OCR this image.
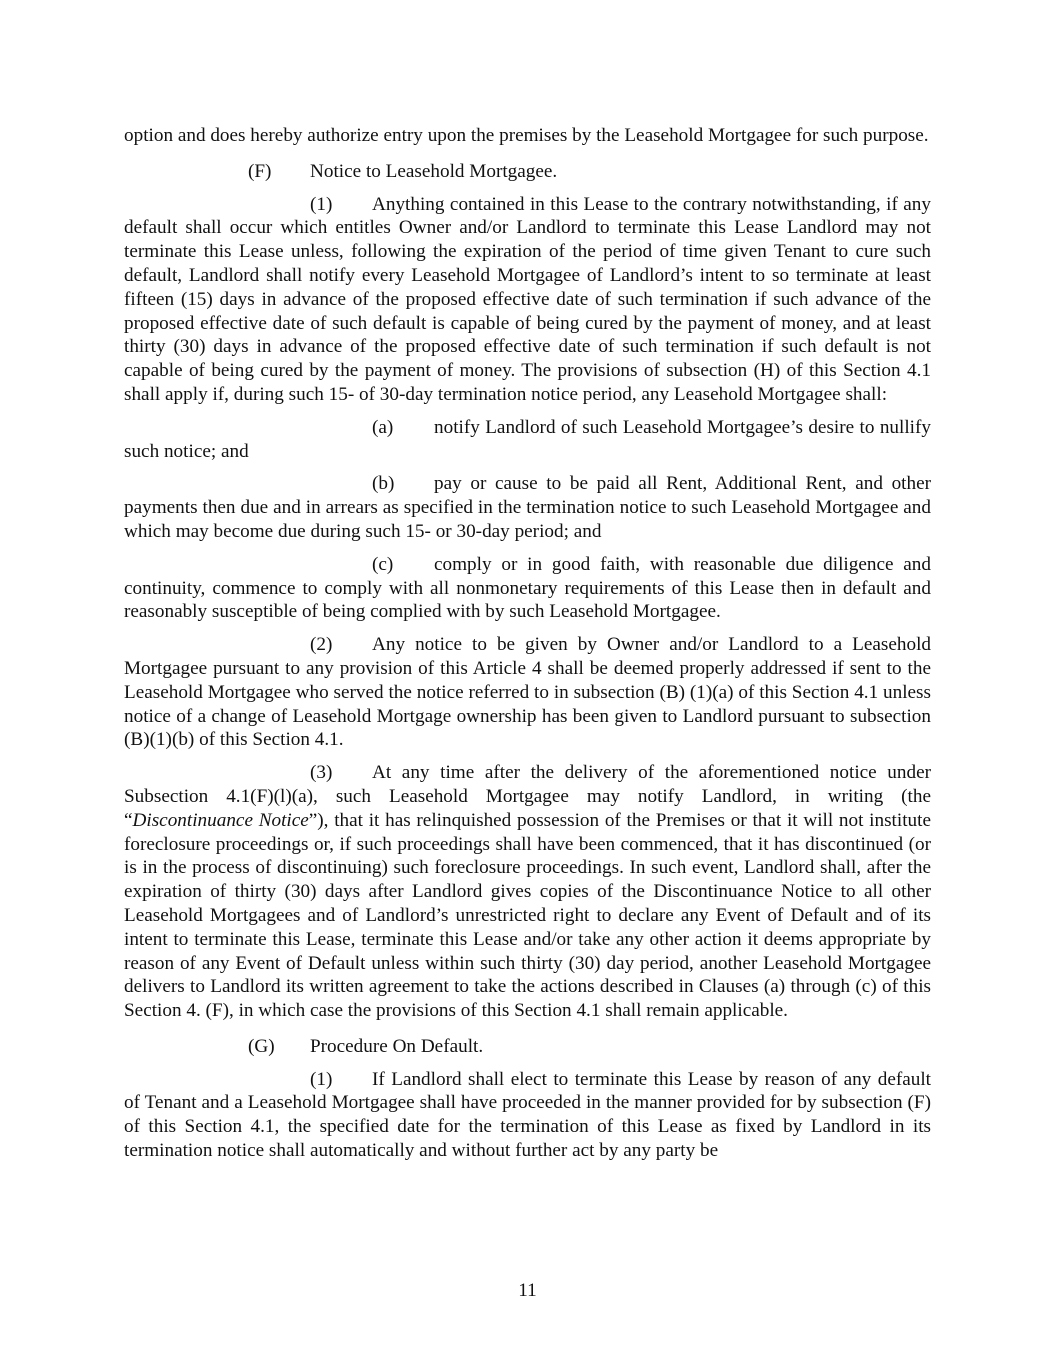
option and does hereby authorize entry upon the premises by the Leasehold Mortgagee for such purpose.

(F) Notice to Leasehold Mortgagee.

(1) Anything contained in this Lease to the contrary notwithstanding, if any default shall occur which entitles Owner and/or Landlord to terminate this Lease Landlord may not terminate this Lease unless, following the expiration of the period of time given Tenant to cure such default, Landlord shall notify every Leasehold Mortgagee of Landlord’s intent to so terminate at least fifteen (15) days in advance of the proposed effective date of such termination if such advance of the proposed effective date of such default is capable of being cured by the payment of money, and at least thirty (30) days in advance of the proposed effective date of such termination if such default is not capable of being cured by the payment of money. The provisions of subsection (H) of this Section 4.1 shall apply if, during such 15- of 30-day termination notice period, any Leasehold Mortgagee shall:

(a) notify Landlord of such Leasehold Mortgagee’s desire to nullify such notice; and

(b) pay or cause to be paid all Rent, Additional Rent, and other payments then due and in arrears as specified in the termination notice to such Leasehold Mortgagee and which may become due during such 15- or 30-day period; and

(c) comply or in good faith, with reasonable due diligence and continuity, commence to comply with all nonmonetary requirements of this Lease then in default and reasonably susceptible of being complied with by such Leasehold Mortgagee.

(2) Any notice to be given by Owner and/or Landlord to a Leasehold Mortgagee pursuant to any provision of this Article 4 shall be deemed properly addressed if sent to the Leasehold Mortgagee who served the notice referred to in subsection (B) (1)(a) of this Section 4.1 unless notice of a change of Leasehold Mortgage ownership has been given to Landlord pursuant to subsection (B)(1)(b) of this Section 4.1.

(3) At any time after the delivery of the aforementioned notice under Subsection 4.1(F)(l)(a), such Leasehold Mortgagee may notify Landlord, in writing (the “Discontinuance Notice”), that it has relinquished possession of the Premises or that it will not institute foreclosure proceedings or, if such proceedings shall have been commenced, that it has discontinued (or is in the process of discontinuing) such foreclosure proceedings. In such event, Landlord shall, after the expiration of thirty (30) days after Landlord gives copies of the Discontinuance Notice to all other Leasehold Mortgagees and of Landlord’s unrestricted right to declare any Event of Default and of its intent to terminate this Lease, terminate this Lease and/or take any other action it deems appropriate by reason of any Event of Default unless within such thirty (30) day period, another Leasehold Mortgagee delivers to Landlord its written agreement to take the actions described in Clauses (a) through (c) of this Section 4. (F), in which case the provisions of this Section 4.1 shall remain applicable.

(G) Procedure On Default.

(1) If Landlord shall elect to terminate this Lease by reason of any default of Tenant and a Leasehold Mortgagee shall have proceeded in the manner provided for by subsection (F) of this Section 4.1, the specified date for the termination of this Lease as fixed by Landlord in its termination notice shall automatically and without further act by any party be

11
